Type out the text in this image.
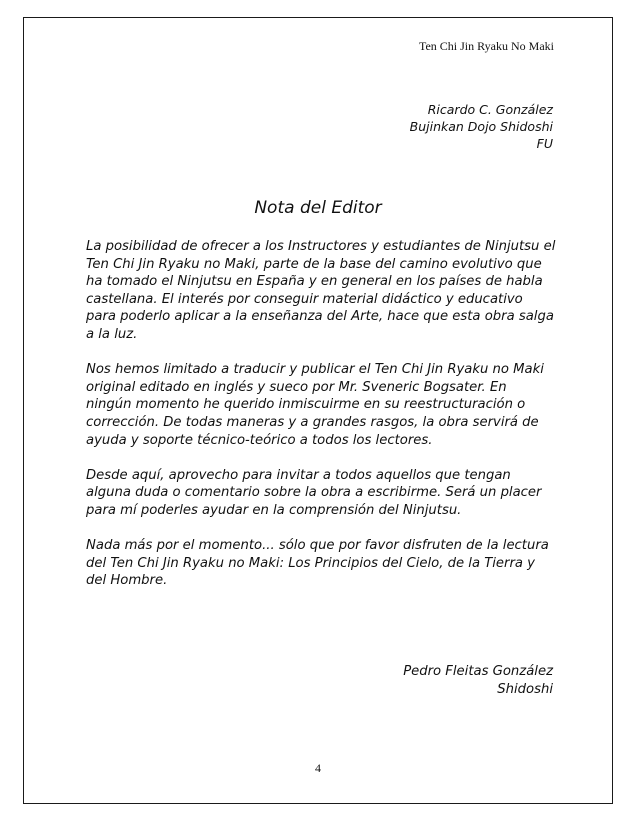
Ten Chi Jin Ryaku No Maki
Ricardo C. González
Bujinkan Dojo Shidoshi
FU
Nota del Editor

La posibilidad de ofrecer a los Instructores y estudiantes de Ninjutsu el Ten Chi Jin Ryaku no Maki, parte de la base del camino evolutivo que ha tomado el Ninjutsu en España y en general en los países de habla castellana. El interés por conseguir material didáctico y educativo para poderlo aplicar a la enseñanza del Arte, hace que esta obra salga a la luz.

Nos hemos limitado a traducir y publicar el Ten Chi Jin Ryaku no Maki original editado en inglés y sueco por Mr. Sveneric Bogsater. En ningún momento he querido inmiscuirme en su reestructuración o corrección. De todas maneras y a grandes rasgos, la obra servirá de ayuda y soporte técnico-teórico a todos los lectores.

Desde aquí, aprovecho para invitar a todos aquellos que tengan alguna duda o comentario sobre la obra a escribirme. Será un placer para mí poderles ayudar en la comprensión del Ninjutsu.

Nada más por el momento... sólo que por favor disfruten de la lectura del Ten Chi Jin Ryaku no Maki: Los Principios del Cielo, de la Tierra y del Hombre.

Pedro Fleitas González
Shidoshi
4
